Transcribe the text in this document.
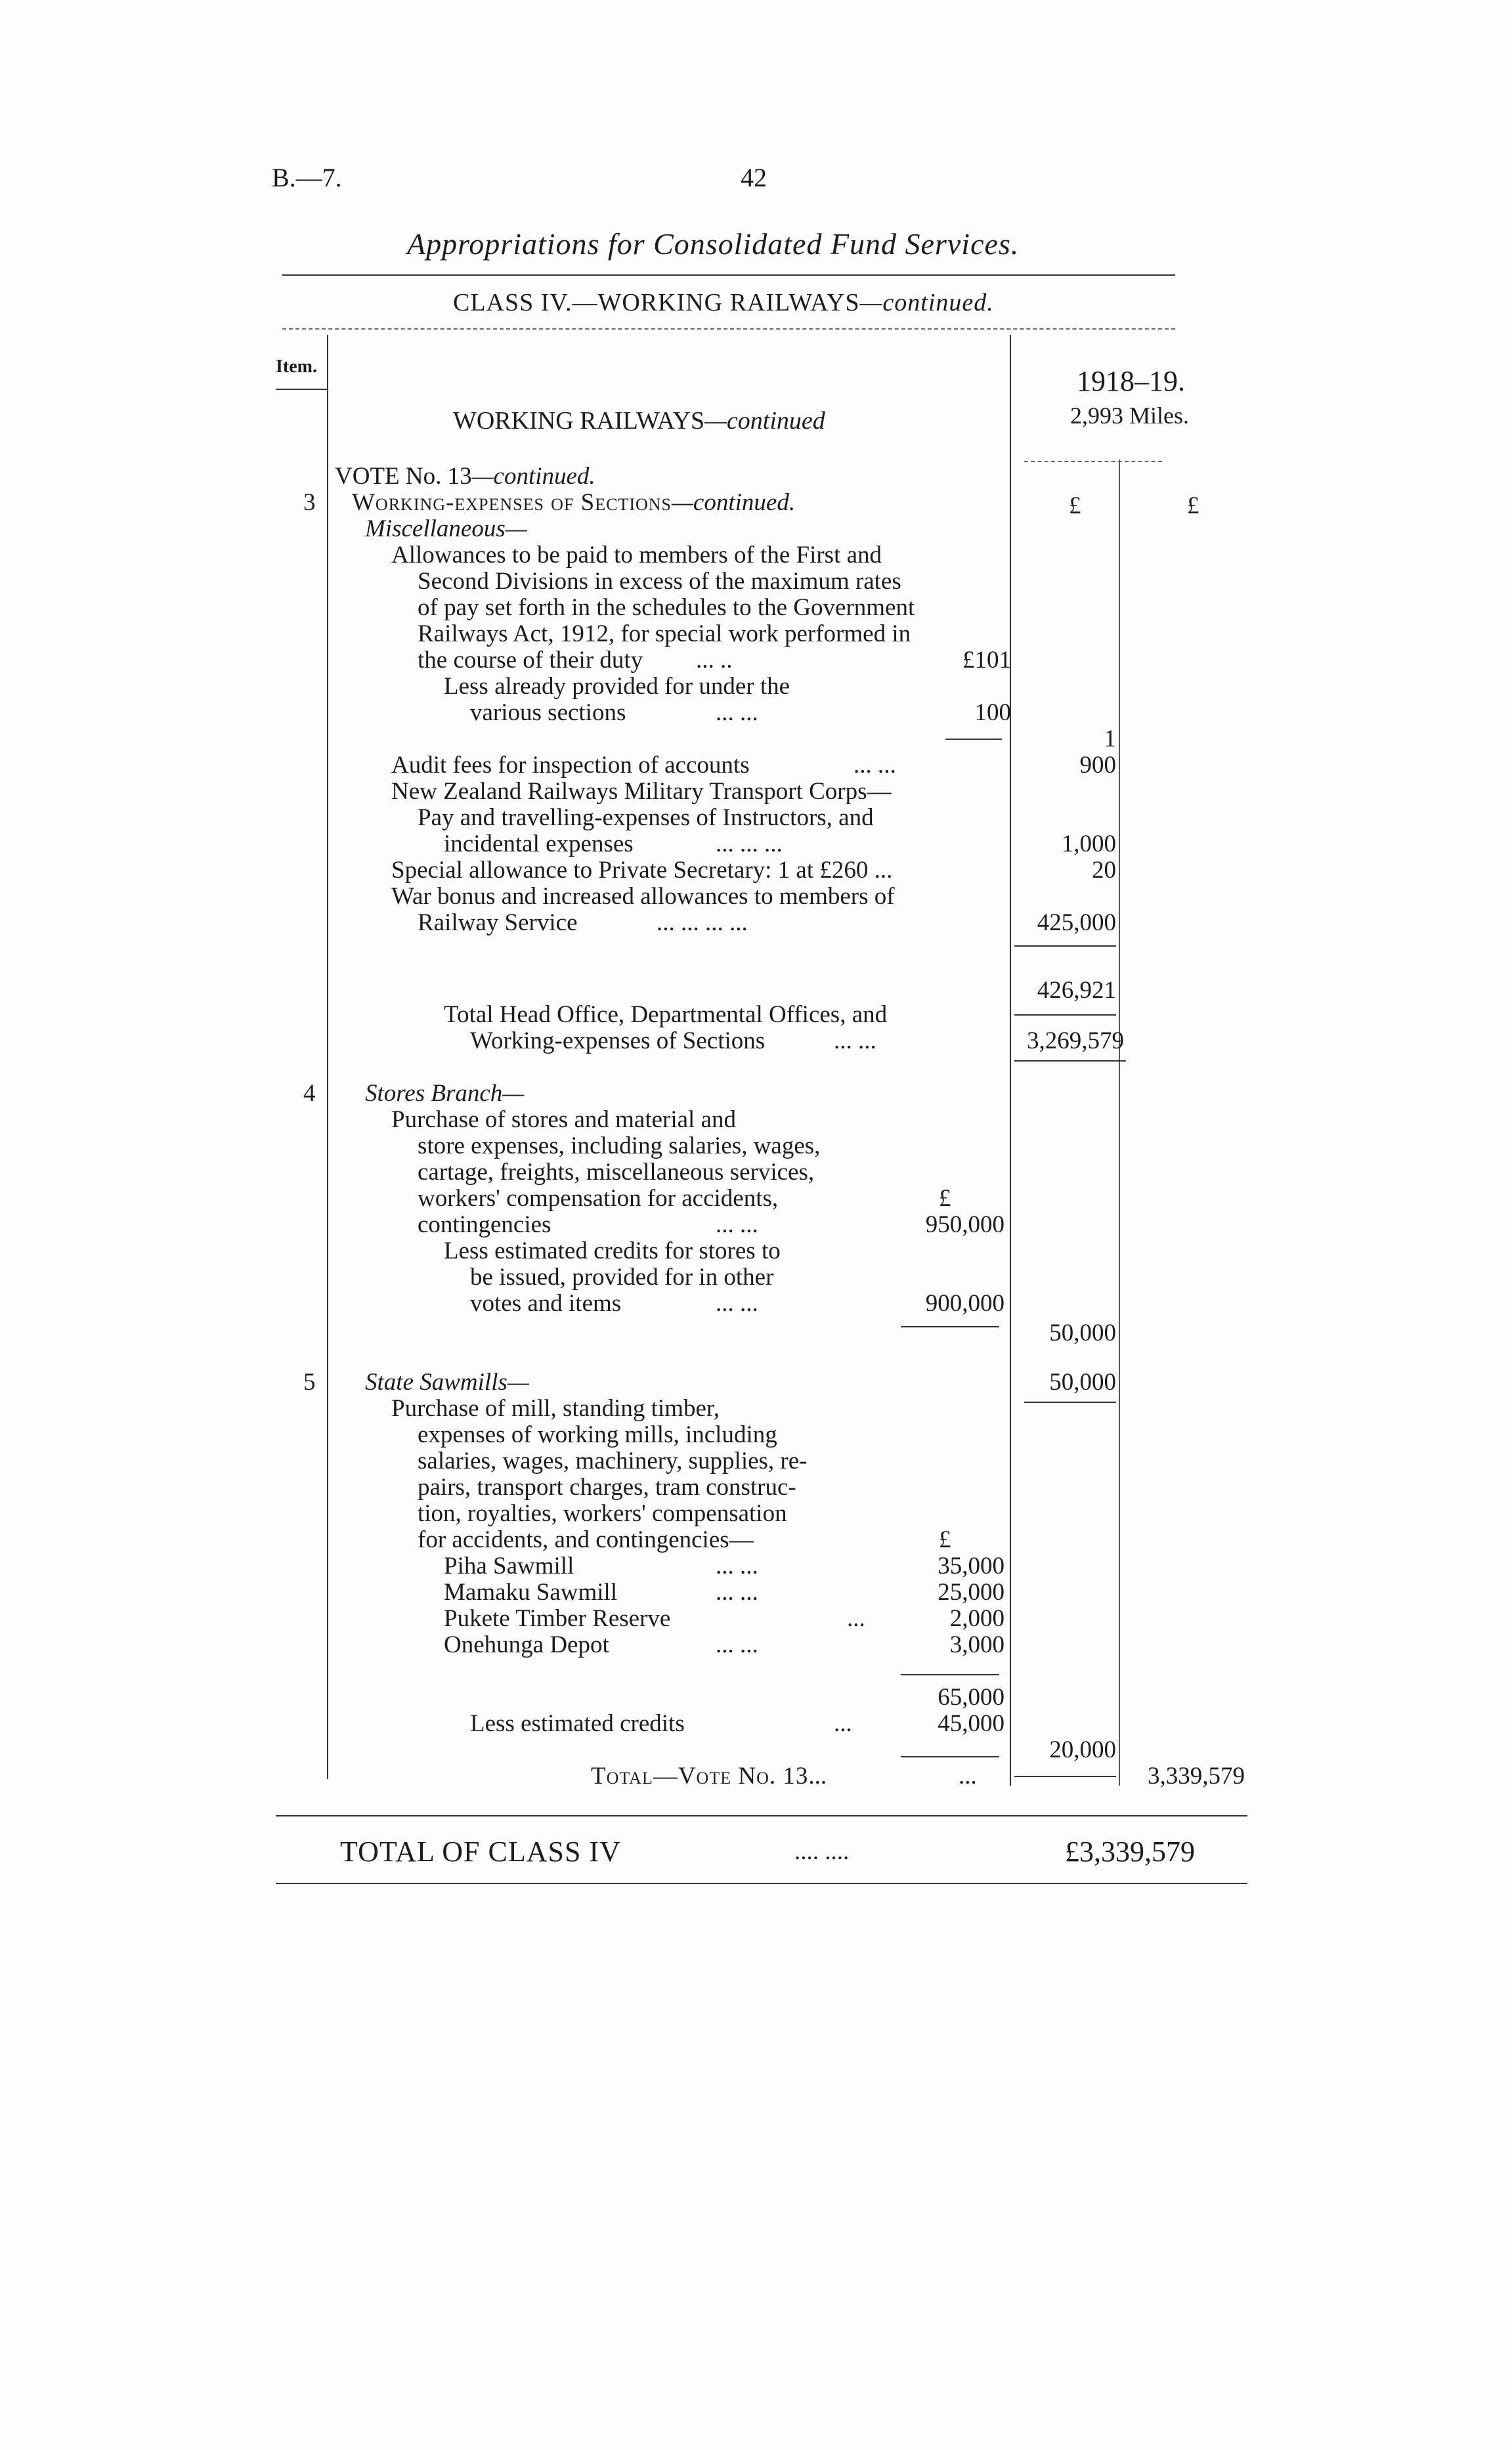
B.—7.	42
Appropriations for Consolidated Fund Services.
CLASS IV.—WORKING RAILWAYS—continued.
Item.
WORKING RAILWAYS—continued
1918–19.
2,993 Miles.
£	£
VOTE No. 13—continued.
3 Working-expenses of Sections—continued.
Miscellaneous—
Allowances to be paid to members of the First and
Second Divisions in excess of the maximum rates
of pay set forth in the schedules to the Government
Railways Act, 1912, for special work performed in
the course of their duty ... ..	£101
Less already provided for under the
various sections	... ...	100
1
Audit fees for inspection of accounts	... ...	900
New Zealand Railways Military Transport Corps—
Pay and travelling-expenses of Instructors, and
incidental expenses	... ... ...	1,000
Special allowance to Private Secretary: 1 at £260 ...	20
War bonus and increased allowances to members of
Railway Service	... ... ... ...	425,000
426,921
Total Head Office, Departmental Offices, and
Working-expenses of Sections	... ...	3,269,579
4 Stores Branch—
Purchase of stores and material and
store expenses, including salaries, wages,
cartage, freights, miscellaneous services,
workers' compensation for accidents,	£
contingencies	... ...	950,000
Less estimated credits for stores to
be issued, provided for in other
votes and items	... ...	900,000
50,000
5 State Sawmills—	50,000
Purchase of mill, standing timber,
expenses of working mills, including
salaries, wages, machinery, supplies, re-
pairs, transport charges, tram construc-
tion, royalties, workers' compensation
for accidents, and contingencies—	£
Piha Sawmill	... ...	35,000
Mamaku Sawmill	... ...	25,000
Pukete Timber Reserve	...	2,000
Onehunga Depot	... ...	3,000
65,000
Less estimated credits	...	45,000
20,000
Total—Vote No. 13...	...	3,339,579
TOTAL OF CLASS IV	.... ....	£3,339,579
